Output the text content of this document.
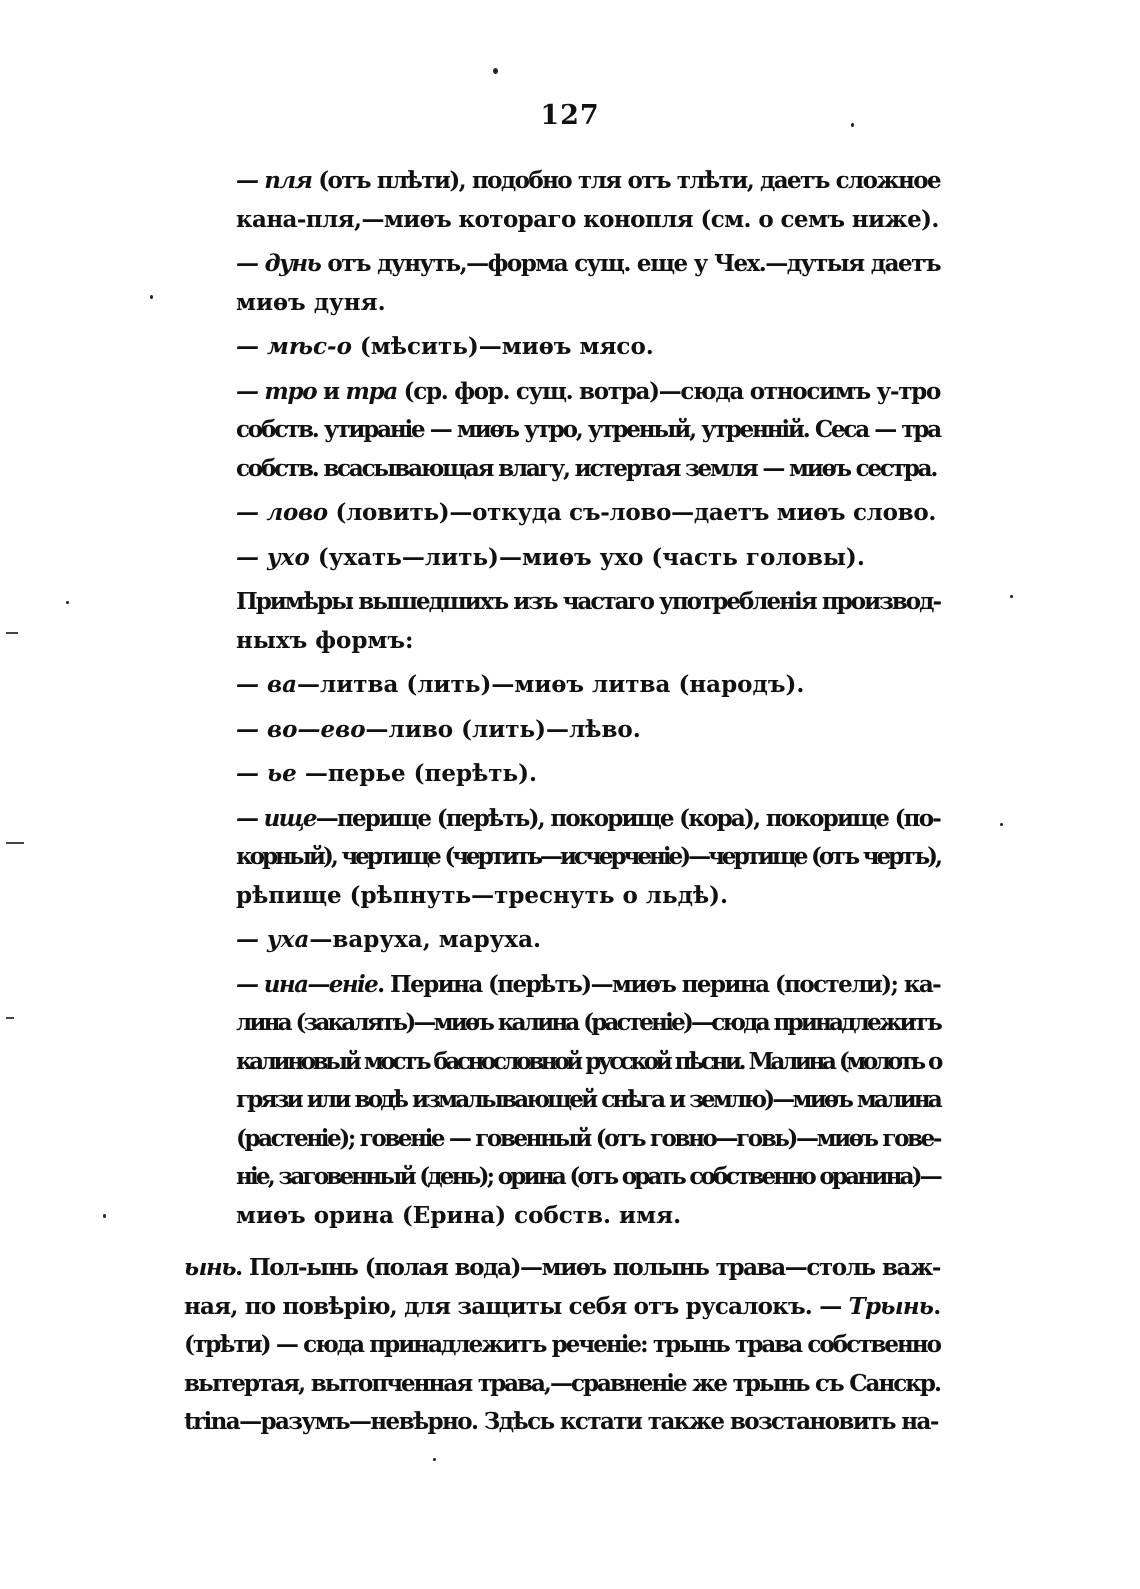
127
— пля (отъ плѣти), подобно тля отъ тлѣти, даетъ сложное
кана-пля,—миѳъ котораго конопля (см. о семъ ниже).
— дунь отъ дунуть,—форма сущ. еще у Чех.—дутыя даетъ
миѳъ дуня.
— мѣс-о (мѣсить)—миѳъ мясо.
— тро и тра (ср. фор. сущ. вотра)—сюда относимъ у-тро
собств. утираніе — миѳъ утро, утреный, утренній. Сеса — тра
собств. всасывающая влагу, истертая земля — миѳъ сестра.
— лово (ловить)—откуда съ-лово—даетъ миѳъ слово.
— ухо (ухать—лить)—миѳъ ухо (часть головы).
Примѣры вышедшихъ изъ частаго употребленія производ-
ныхъ формъ:
— ва—литва (лить)—миѳъ литва (народъ).
— во—ево—ливо (лить)—лѣво.
— ье —перье (перѣть).
— ище—перище (перѣть), покорище (кора), покорище (по-
корный), чертище (чертить—исчерченіе)—чертище (отъ чертъ),
рѣпище (рѣпнуть—треснуть о льдѣ).
— уха—варуха, маруха.
— ина—еніе. Перина (перѣть)—миѳъ перина (постели); ка-
лина (закалять)—миѳъ калина (растеніе)—сюда принадлежитъ
калиновый мостъ баснословной русской пѣсни. Малина (молоть о
грязи или водѣ измалывающей снѣга и землю)—миѳъ малина
(растеніе); говеніе — говенный (отъ говно—говь)—миѳъ гове-
ніе, заговенный (день); орина (отъ орать собственно оранина)—
миѳъ орина (Ерина) собств. имя.
ынь. Пол-ынь (полая вода)—миѳъ полынь трава—столь важ-
ная, по повѣрію, для защиты себя отъ русалокъ. — Трынь.
(трѣти) — сюда принадлежитъ реченіе: трынь трава собственно
вытертая, вытопченная трава,—сравненіе же трынь съ Санскр.
trina—разумъ—невѣрно. Здѣсь кстати также возстановить на-
